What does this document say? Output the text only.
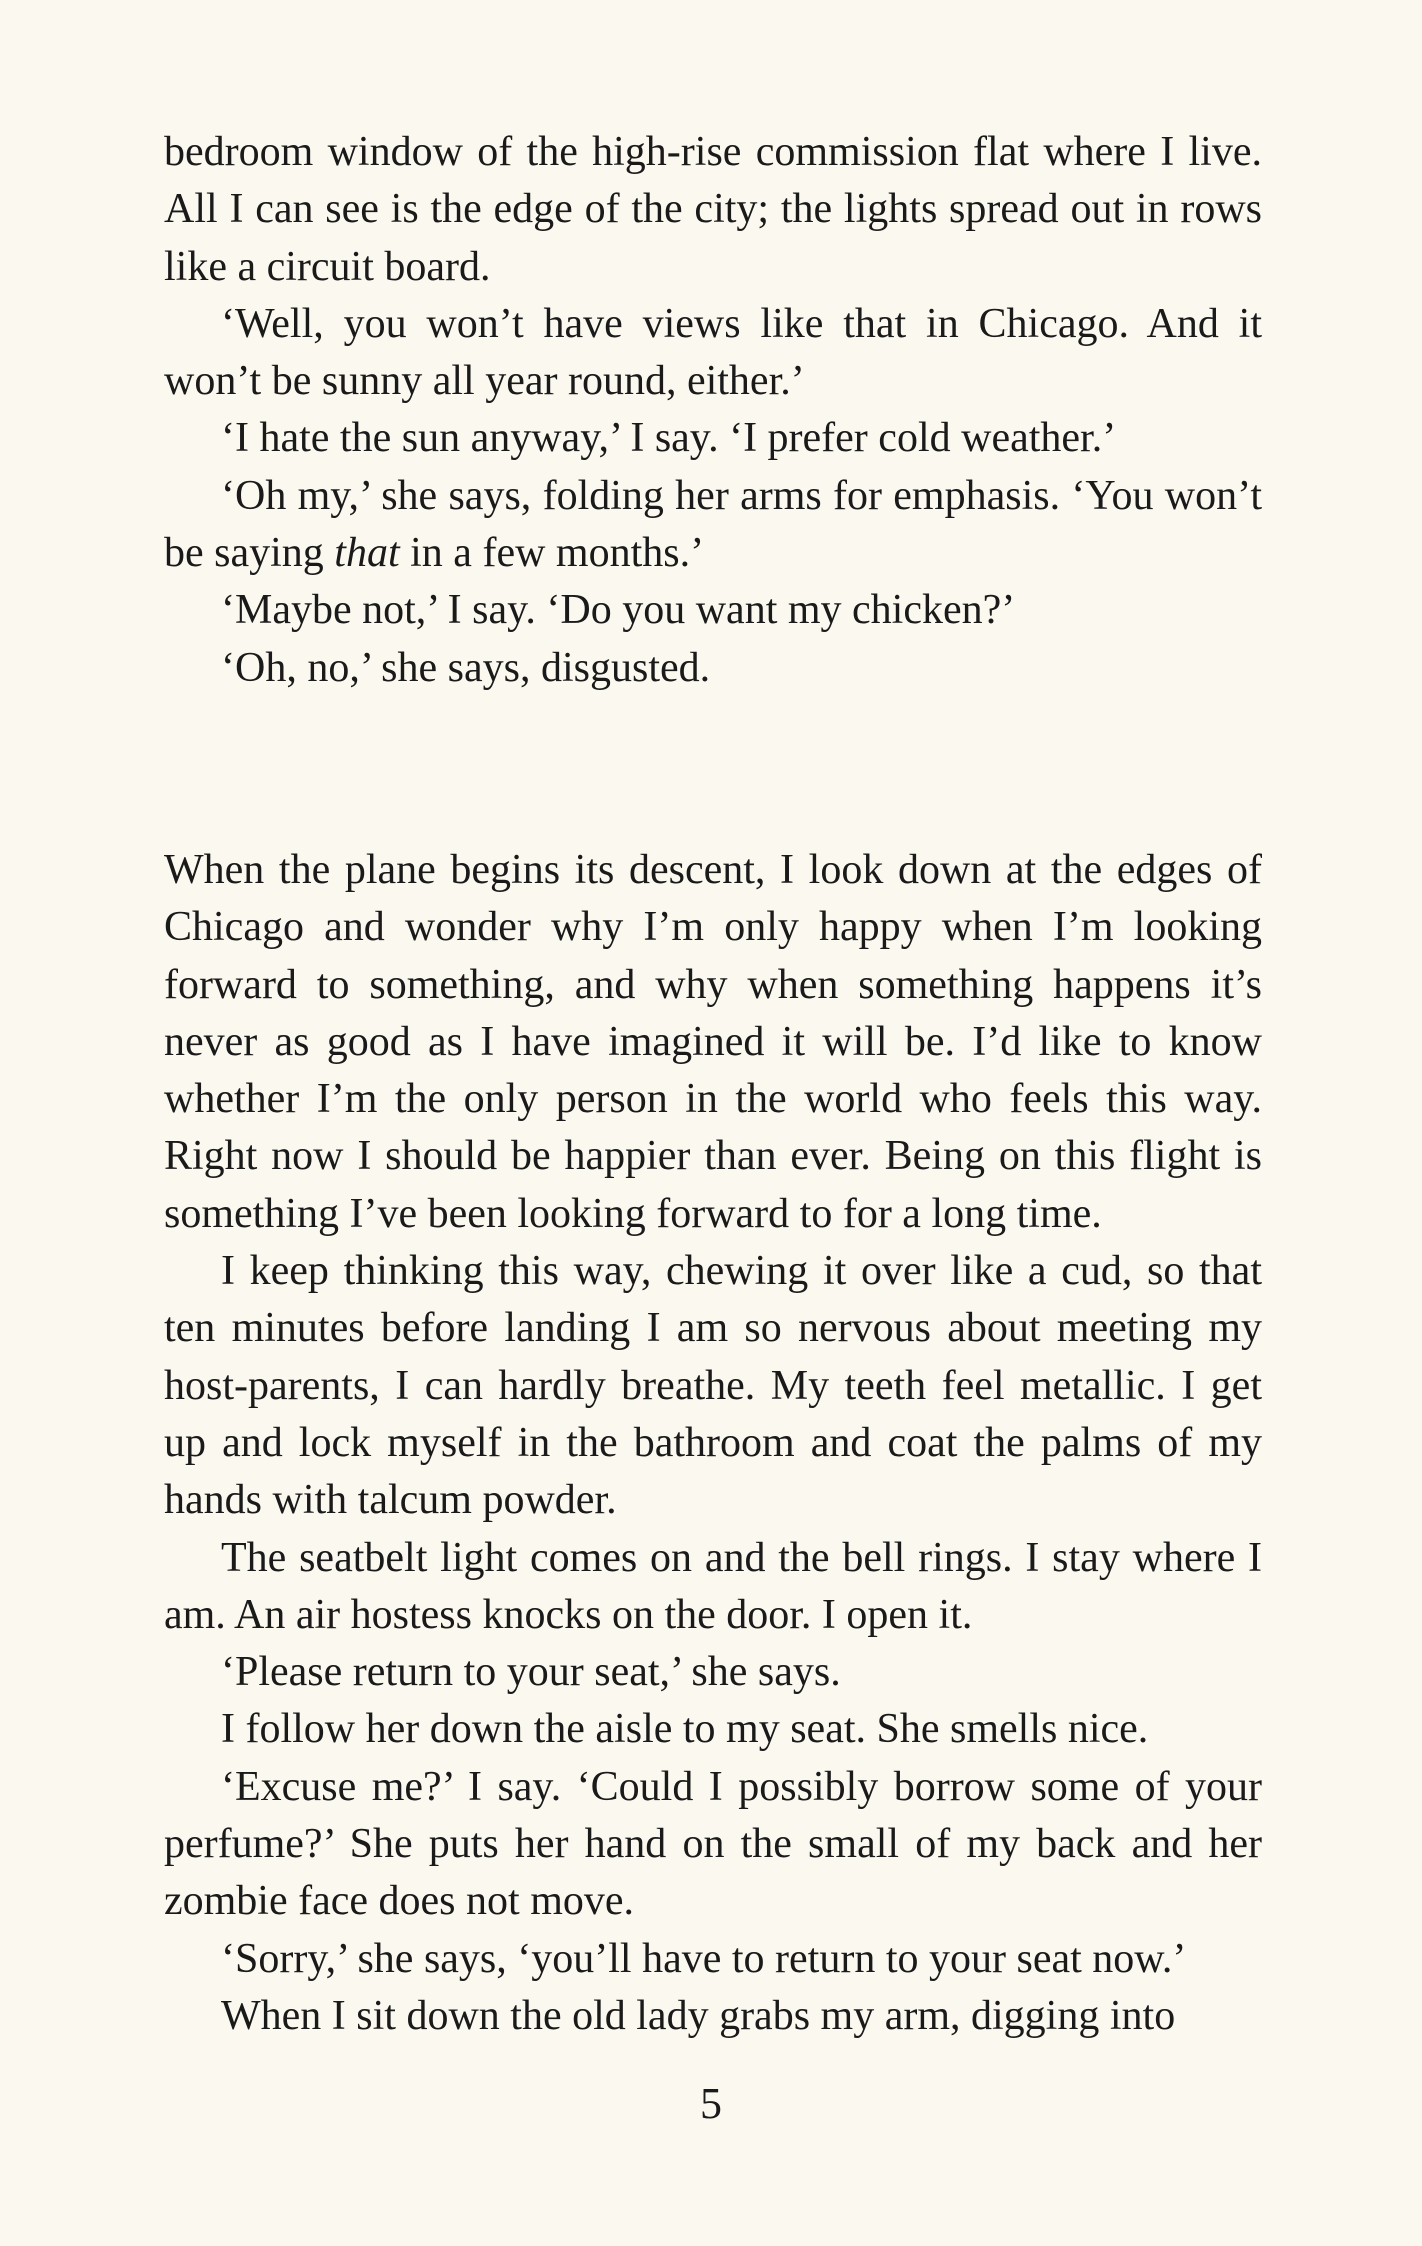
bedroom window of the high-rise commission flat where I live. All I can see is the edge of the city; the lights spread out in rows like a circuit board.

‘Well, you won’t have views like that in Chicago. And it won’t be sunny all year round, either.’

‘I hate the sun anyway,’ I say. ‘I prefer cold weather.’

‘Oh my,’ she says, folding her arms for emphasis. ‘You won’t be saying that in a few months.’

‘Maybe not,’ I say. ‘Do you want my chicken?’

‘Oh, no,’ she says, disgusted.

When the plane begins its descent, I look down at the edges of Chicago and wonder why I’m only happy when I’m looking forward to something, and why when something happens it’s never as good as I have imagined it will be. I’d like to know whether I’m the only person in the world who feels this way. Right now I should be happier than ever. Being on this flight is something I’ve been looking forward to for a long time.

I keep thinking this way, chewing it over like a cud, so that ten minutes before landing I am so nervous about meeting my host-parents, I can hardly breathe. My teeth feel metallic. I get up and lock myself in the bathroom and coat the palms of my hands with talcum powder.

The seatbelt light comes on and the bell rings. I stay where I am. An air hostess knocks on the door. I open it.

‘Please return to your seat,’ she says.

I follow her down the aisle to my seat. She smells nice.

‘Excuse me?’ I say. ‘Could I possibly borrow some of your perfume?’ She puts her hand on the small of my back and her zombie face does not move.

‘Sorry,’ she says, ‘you’ll have to return to your seat now.’

When I sit down the old lady grabs my arm, digging into

5
